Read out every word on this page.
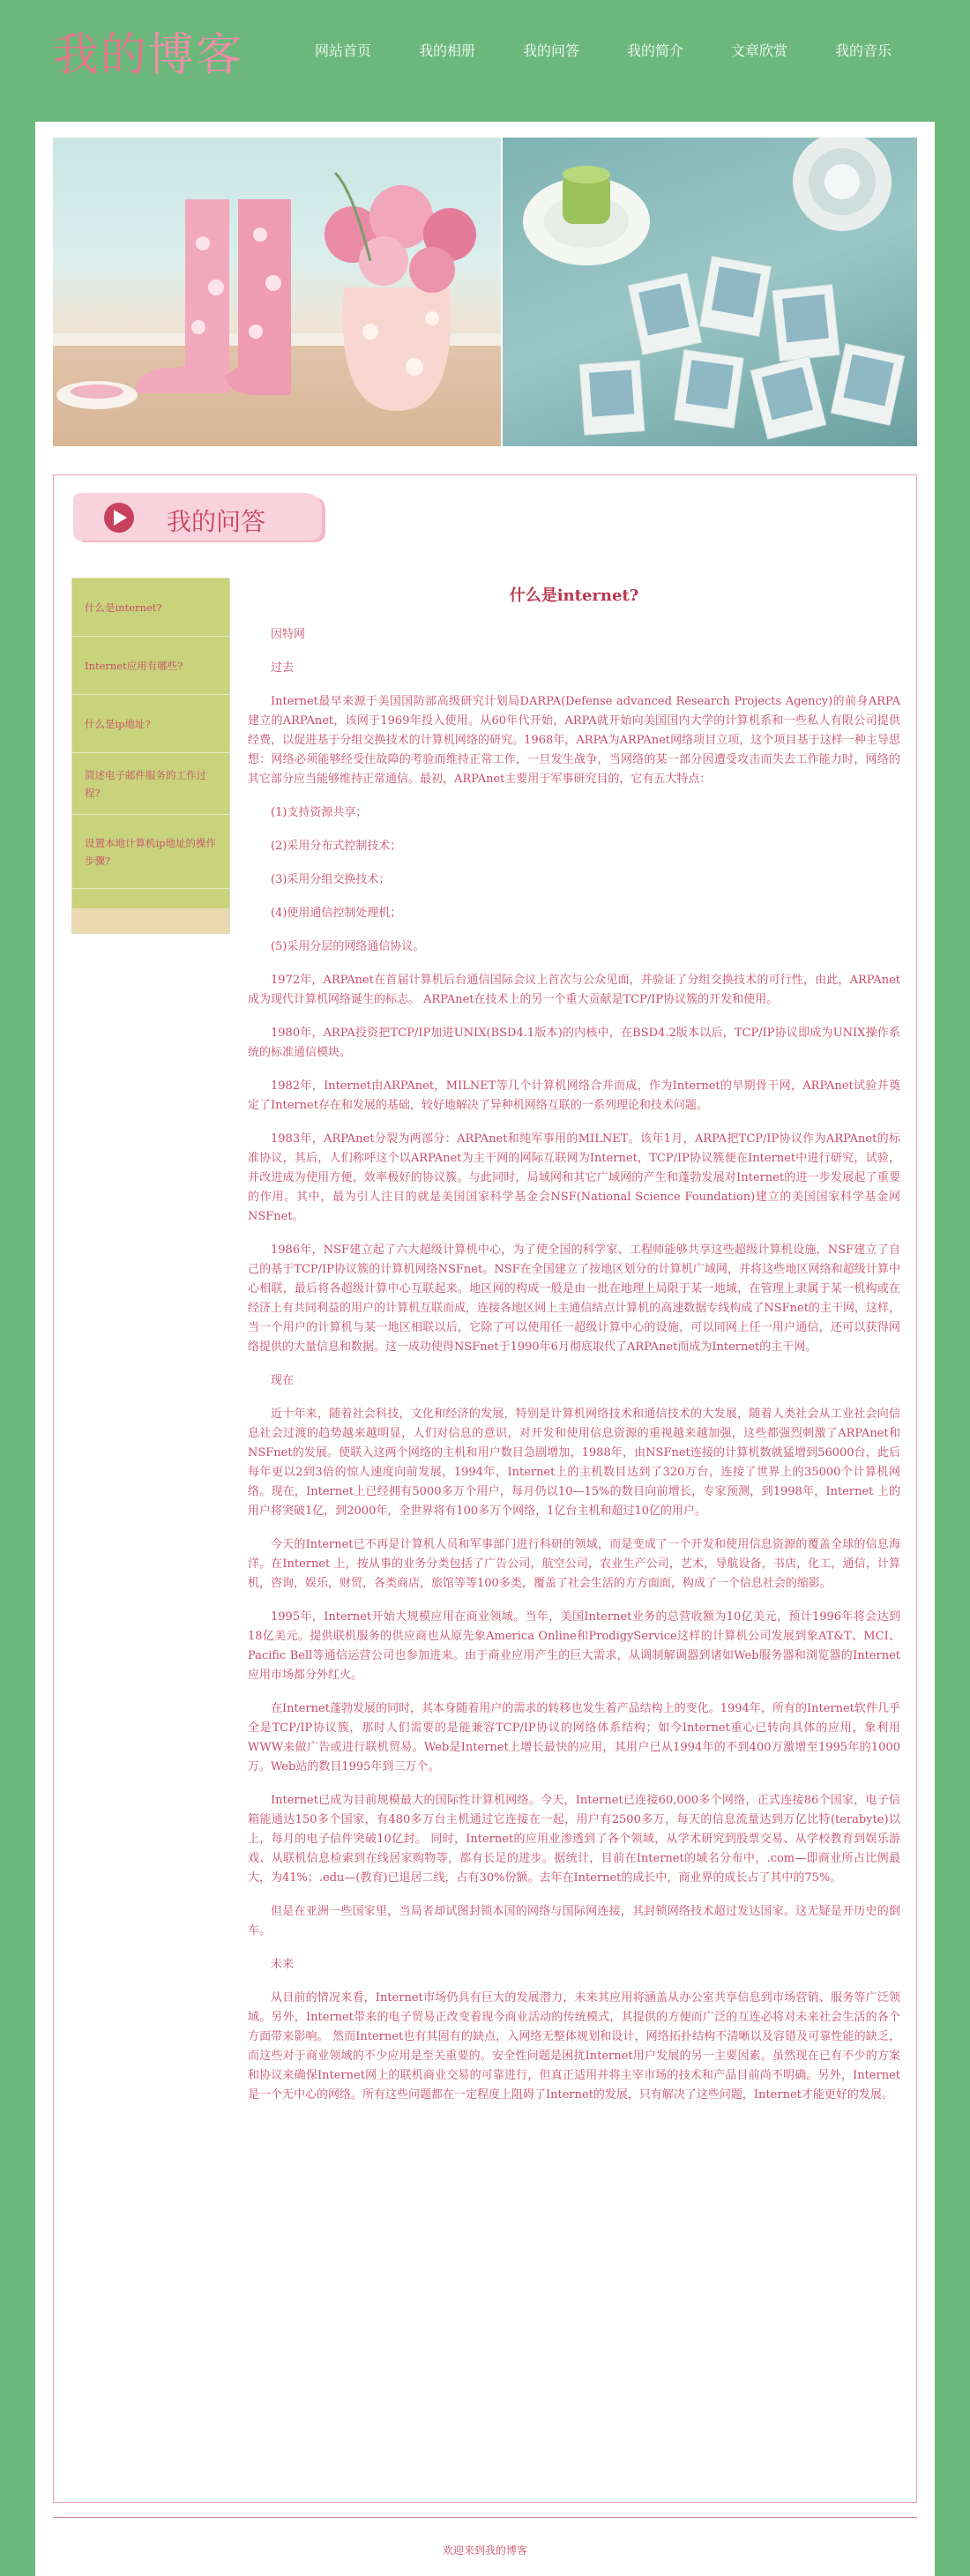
我的博客	网站首页	我的相册	我的问答	我的简介	文章欣赏	我的音乐
我的问答
什么是internet?
Internet应用有哪些?
什么是ip地址?
简述电子邮件服务的工作过程?
设置本地计算机ip地址的操作步骤?
什么是internet?

因特网

过去

Internet最早来源于美国国防部高级研究计划局DARPA(Defense advanced Research Projects Agency)的前身ARPA建立的ARPAnet，该网于1969年投入使用。从60年代开始，ARPA就开始向美国国内大学的计算机系和一些私人有限公司提供经费，以促进基于分组交换技术的计算机网络的研究。1968年，ARPA为ARPAnet网络项目立项，这个项目基于这样一种主导思想：网络必须能够经受住故障的考验而维持正常工作，一旦发生战争，当网络的某一部分因遭受攻击而失去工作能力时，网络的其它部分应当能够维持正常通信。最初，ARPAnet主要用于军事研究目的，它有五大特点：

(1)支持资源共享；

(2)采用分布式控制技术；

(3)采用分组交换技术；

(4)使用通信控制处理机；

(5)采用分层的网络通信协议。

1972年，ARPAnet在首届计算机后台通信国际会议上首次与公众见面，并验证了分组交换技术的可行性，由此，ARPAnet成为现代计算机网络诞生的标志。 ARPAnet在技术上的另一个重大贡献是TCP/IP协议簇的开发和使用。

1980年，ARPA投资把TCP/IP加进UNIX(BSD4.1版本)的内核中，在BSD4.2版本以后，TCP/IP协议即成为UNIX操作系统的标准通信模块。

1982年，Internet由ARPAnet，MILNET等几个计算机网络合并而成，作为Internet的早期骨干网，ARPAnet试验并奠定了Internet存在和发展的基础，较好地解决了异种机网络互联的一系列理论和技术问题。

1983年，ARPAnet分裂为两部分：ARPAnet和纯军事用的MILNET。该年1月，ARPA把TCP/IP协议作为ARPAnet的标准协议，其后，人们称呼这个以ARPAnet为主干网的网际互联网为Internet，TCP/IP协议簇便在Internet中进行研究，试验，并改进成为使用方便，效率极好的协议簇。与此同时，局域网和其它广域网的产生和蓬勃发展对Internet的进一步发展起了重要的作用。其中，最为引人注目的就是美国国家科学基金会NSF(National Science Foundation)建立的美国国家科学基金网NSFnet。

1986年，NSF建立起了六大超级计算机中心，为了使全国的科学家、工程师能够共享这些超级计算机设施，NSF建立了自己的基于TCP/IP协议簇的计算机网络NSFnet。NSF在全国建立了按地区划分的计算机广域网，并将这些地区网络和超级计算中心相联，最后将各超级计算中心互联起来。地区网的构成一般是由一批在地理上局限于某一地域，在管理上隶属于某一机构或在经济上有共同利益的用户的计算机互联而成，连接各地区网上主通信结点计算机的高速数据专线构成了NSFnet的主干网，这样，当一个用户的计算机与某一地区相联以后，它除了可以使用任一超级计算中心的设施，可以同网上任一用户通信，还可以获得网络提供的大量信息和数据。这一成功使得NSFnet于1990年6月彻底取代了ARPAnet而成为Internet的主干网。

现在

近十年来，随着社会科技，文化和经济的发展，特别是计算机网络技术和通信技术的大发展，随着人类社会从工业社会向信息社会过渡的趋势越来越明显，人们对信息的意识，对开发和使用信息资源的重视越来越加强，这些都强烈刺激了ARPAnet和NSFnet的发展。使联入这两个网络的主机和用户数目急剧增加，1988年，由NSFnet连接的计算机数就猛增到56000台，此后每年更以2到3倍的惊人速度向前发展，1994年，Internet上的主机数目达到了320万台，连接了世界上的35000个计算机网络。现在，Internet上已经拥有5000多万个用户，每月仍以10—15%的数目向前增长，专家预测，到1998年，Internet 上的用户将突破1亿，到2000年，全世界将有100多万个网络，1亿台主机和超过10亿的用户。

今天的Internet已不再是计算机人员和军事部门进行科研的领域，而是变成了一个开发和使用信息资源的覆盖全球的信息海洋。在Internet 上，按从事的业务分类包括了广告公司，航空公司，农业生产公司，艺术，导航设备，书店，化工，通信，计算机，咨询，娱乐，财贸，各类商店，旅馆等等100多类，覆盖了社会生活的方方面面，构成了一个信息社会的缩影。

1995年，Internet开始大规模应用在商业领域。当年，美国Internet业务的总营收额为10亿美元，预计1996年将会达到18亿美元。提供联机服务的供应商也从原先象America Online和ProdigyService这样的计算机公司发展到象AT&T、MCI、Pacific Bell等通信运营公司也参加进来。由于商业应用产生的巨大需求，从调制解调器到诸如Web服务器和浏览器的Internet 应用市场都分外红火。

在Internet蓬勃发展的同时，其本身随着用户的需求的转移也发生着产品结构上的变化。1994年，所有的Internet软件几乎全是TCP/IP协议簇，那时人们需要的是能兼容TCP/IP协议的网络体系结构；如今Internet重心已转向具体的应用，象利用WWW来做广告或进行联机贸易。Web是Internet上增长最快的应用，其用户已从1994年的不到400万激增至1995年的1000万。Web站的数目1995年到三万个。

Internet已成为目前规模最大的国际性计算机网络。今天，Internet已连接60,000多个网络，正式连接86个国家，电子信箱能通达150多个国家，有480多万台主机通过它连接在一起，用户有2500多万，每天的信息流量达到万亿比特(terabyte)以上，每月的电子信件突破10亿封。 同时，Internet的应用业渗透到了各个领域，从学术研究到股票交易、从学校教育到娱乐游戏、从联机信息检索到在线居家购物等，都有长足的进步。据统计，目前在Internet的域名分布中，.com—即商业所占比例最大，为41%；.edu—(教育)已退居二线，占有30%份额。去年在Internet的成长中，商业界的成长占了其中的75%。

但是在亚洲一些国家里，当局者却试图封锁本国的网络与国际网连接，其封锁网络技术超过发达国家。这无疑是开历史的倒车。

未来

从目前的情况来看，Internet市场仍具有巨大的发展潜力，未来其应用将涵盖从办公室共享信息到市场营销、服务等广泛领域。另外，Internet带来的电子贸易正改变着现今商业活动的传统模式，其提供的方便而广泛的互连必将对未来社会生活的各个方面带来影响。 然而Internet也有其固有的缺点，入网络无整体规划和设计，网络拓扑结构不清晰以及容错及可靠性能的缺乏，而这些对于商业领域的不少应用是至关重要的。安全性问题是困扰Internet用户发展的另一主要因素。虽然现在已有不少的方案和协议来确保Internet网上的联机商业交易的可靠进行，但真正适用并将主宰市场的技术和产品目前尚不明确。另外，Internet是一个无中心的网络。所有这些问题都在一定程度上阻碍了Internet的发展，只有解决了这些问题，Internet才能更好的发展。

欢迎来到我的博客
